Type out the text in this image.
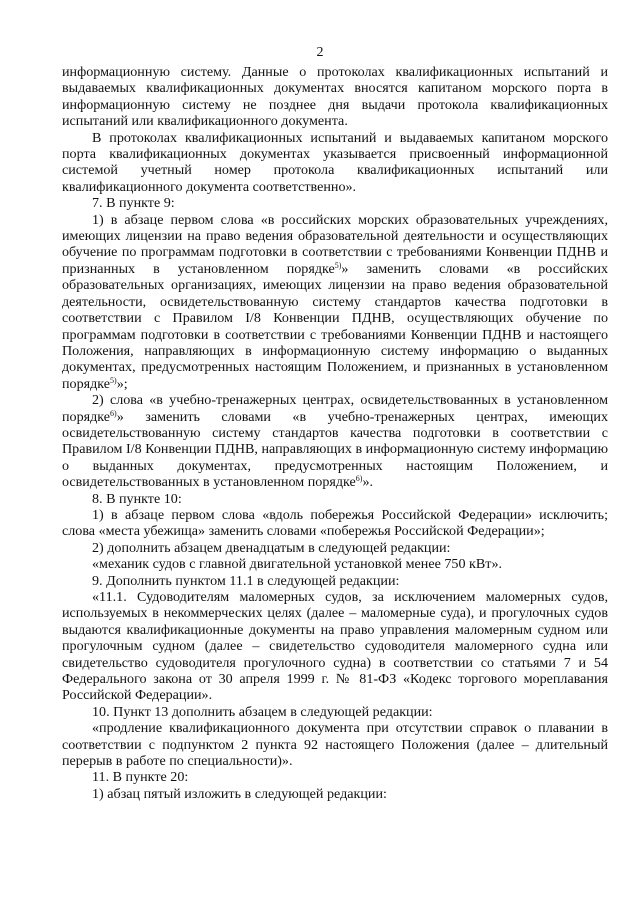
2

информационную систему. Данные о протоколах квалификационных испытаний и выдаваемых квалификационных документах вносятся капитаном морского порта в информационную систему не позднее дня выдачи протокола квалификационных испытаний или квалификационного документа.

В протоколах квалификационных испытаний и выдаваемых капитаном морского порта квалификационных документах указывается присвоенный информационной системой учетный номер протокола квалификационных испытаний или квалификационного документа соответственно».

7. В пункте 9:

1) в абзаце первом слова «в российских морских образовательных учреждениях, имеющих лицензии на право ведения образовательной деятельности и осуществляющих обучение по программам подготовки в соответствии с требованиями Конвенции ПДНВ и признанных в установленном порядке$^{5)}$» заменить словами «в российских образовательных организациях, имеющих лицензии на право ведения образовательной деятельности, освидетельствованную систему стандартов качества подготовки в соответствии с Правилом I/8 Конвенции ПДНВ, осуществляющих обучение по программам подготовки в соответствии с требованиями Конвенции ПДНВ и настоящего Положения, направляющих в информационную систему информацию о выданных документах, предусмотренных настоящим Положением, и признанных в установленном порядке$^{5)}$»;

2) слова «в учебно-тренажерных центрах, освидетельствованных в установленном порядке$^{6)}$» заменить словами «в учебно-тренажерных центрах, имеющих освидетельствованную систему стандартов качества подготовки в соответствии с Правилом I/8 Конвенции ПДНВ, направляющих в информационную систему информацию о выданных документах, предусмотренных настоящим Положением, и освидетельствованных в установленном порядке$^{6)}$».

8. В пункте 10:

1) в абзаце первом слова «вдоль побережья Российской Федерации» исключить; слова «места убежища» заменить словами «побережья Российской Федерации»;

2) дополнить абзацем двенадцатым в следующей редакции:

«механик судов с главной двигательной установкой менее 750 кВт».

9. Дополнить пунктом 11.1 в следующей редакции:

«11.1. Судоводителям маломерных судов, за исключением маломерных судов, используемых в некоммерческих целях (далее – маломерные суда), и прогулочных судов выдаются квалификационные документы на право управления маломерным судном или прогулочным судном (далее – свидетельство судоводителя маломерного судна или свидетельство судоводителя прогулочного судна) в соответствии со статьями 7 и 54 Федерального закона от 30 апреля 1999 г. № 81-ФЗ «Кодекс торгового мореплавания Российской Федерации».

10. Пункт 13 дополнить абзацем в следующей редакции:

«продление квалификационного документа при отсутствии справок о плавании в соответствии с подпунктом 2 пункта 92 настоящего Положения (далее – длительный перерыв в работе по специальности)».

11. В пункте 20:

1) абзац пятый изложить в следующей редакции:
